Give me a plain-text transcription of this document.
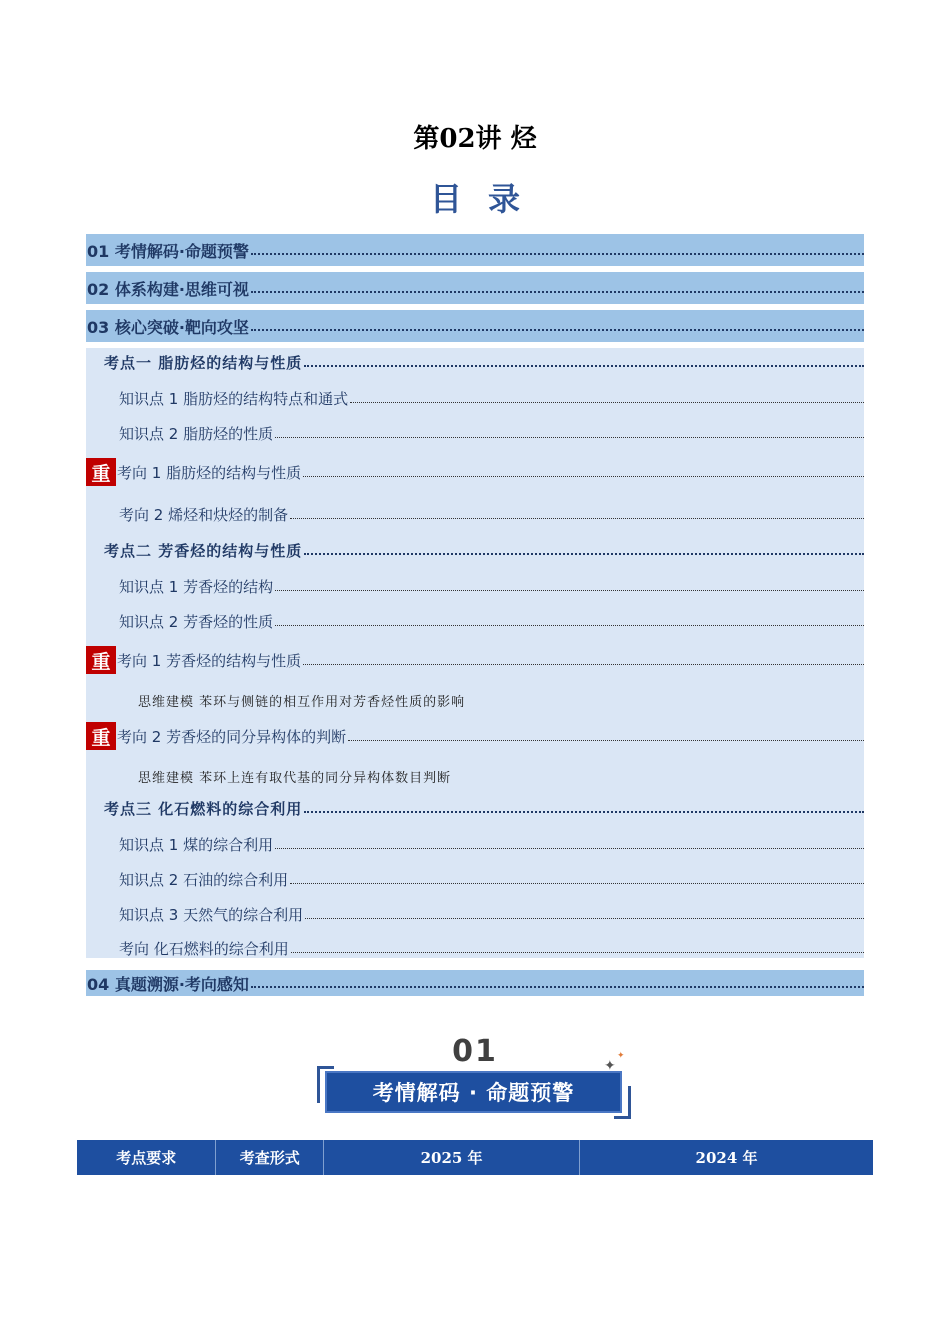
第02讲 烃
目录
01 考情解码·命题预警
02 体系构建·思维可视
03 核心突破·靶向攻坚
考点一 脂肪烃的结构与性质
知识点 1 脂肪烃的结构特点和通式
知识点 2 脂肪烃的性质
重 考向 1 脂肪烃的结构与性质
考向 2 烯烃和炔烃的制备
考点二 芳香烃的结构与性质
知识点 1 芳香烃的结构
知识点 2 芳香烃的性质
重 考向 1 芳香烃的结构与性质
思维建模 苯环与侧链的相互作用对芳香烃性质的影响
重 考向 2 芳香烃的同分异构体的判断
思维建模 苯环上连有取代基的同分异构体数目判断
考点三 化石燃料的综合利用
知识点 1 煤的综合利用
知识点 2 石油的综合利用
知识点 3 天然气的综合利用
考向 化石燃料的综合利用
04 真题溯源·考向感知
01
考情解码 · 命题预警
✦
✦
考点要求	考查形式	2025 年	2024 年
